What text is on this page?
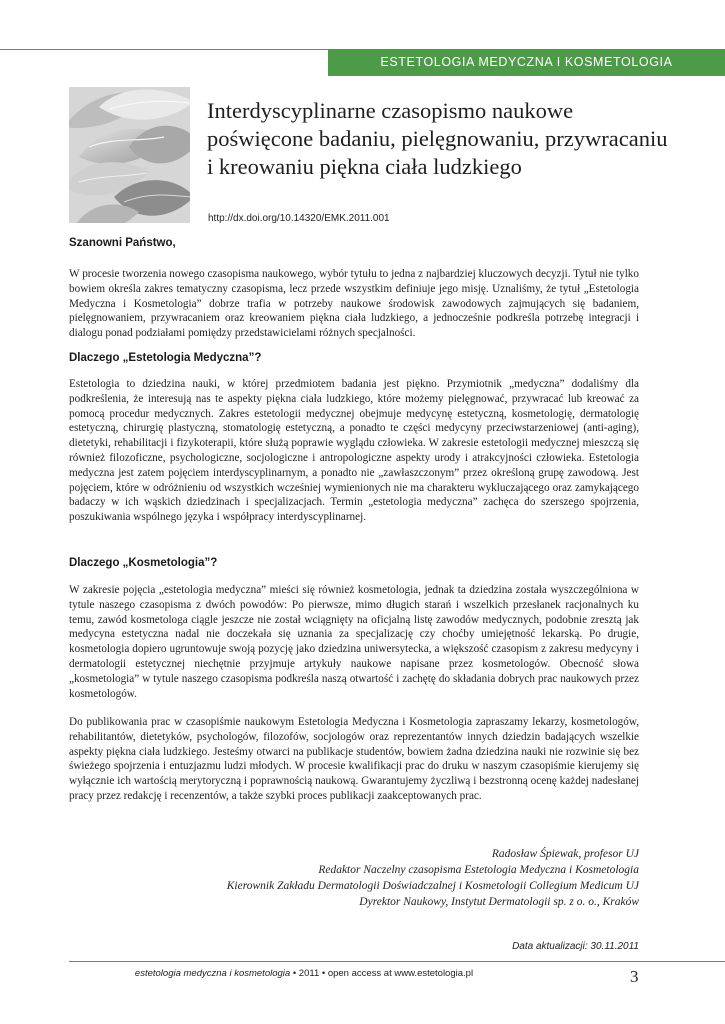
ESTETOLOGIA MEDYCZNA I KOSMETOLOGIA
Interdyscyplinarne czasopismo naukowe poświęcone badaniu, pielęgnowaniu, przywracaniu i kreowaniu piękna ciała ludzkiego
http://dx.doi.org/10.14320/EMK.2011.001
Szanowni Państwo,

W procesie tworzenia nowego czasopisma naukowego, wybór tytułu to jedna z najbardziej kluczowych decyzji. Tytuł nie tylko bowiem określa zakres tematyczny czasopisma, lecz przede wszystkim definiuje jego misję. Uznaliśmy, że tytuł „Estetologia Medyczna i Kosmetologia” dobrze trafia w potrzeby naukowe środowisk zawodowych zajmujących się badaniem, pielęgnowaniem, przywracaniem oraz kreowaniem piękna ciała ludzkiego, a jednocześnie podkreśla potrzebę integracji i dialogu ponad podziałami pomiędzy przedstawicielami różnych specjalności.

Dlaczego „Estetologia Medyczna”?

Estetologia to dziedzina nauki, w której przedmiotem badania jest piękno. Przymiotnik „medyczna” dodaliśmy dla podkreślenia, że interesują nas te aspekty piękna ciała ludzkiego, które możemy pielęgnować, przywracać lub kreować za pomocą procedur medycznych. Zakres estetologii medycznej obejmuje medycynę estetyczną, kosmetologię, dermatologię estetyczną, chirurgię plastyczną, stomatologię estetyczną, a ponadto te części medycyny przeciwstarzeniowej (anti-aging), dietetyki, rehabilitacji i fizykoterapii, które służą poprawie wyglądu człowieka. W zakresie estetologii medycznej mieszczą się również filozoficzne, psychologiczne, socjologiczne i antropologiczne aspekty urody i atrakcyjności człowieka. Estetologia medyczna jest zatem pojęciem interdyscyplinarnym, a ponadto nie „zawłaszczonym” przez określoną grupę zawodową. Jest pojęciem, które w odróżnieniu od wszystkich wcześniej wymienionych nie ma charakteru wykluczającego oraz zamykającego badaczy w ich wąskich dziedzinach i specjalizacjach. Termin „estetologia medyczna” zachęca do szerszego spojrzenia, poszukiwania wspólnego języka i współpracy interdyscyplinarnej.

Dlaczego „Kosmetologia”?

W zakresie pojęcia „estetologia medyczna” mieści się również kosmetologia, jednak ta dziedzina została wyszczególniona w tytule naszego czasopisma z dwóch powodów: Po pierwsze, mimo długich starań i wszelkich przesłanek racjonalnych ku temu, zawód kosmetologa ciągle jeszcze nie został wciągnięty na oficjalną listę zawodów medycznych, podobnie zresztą jak medycyna estetyczna nadal nie doczekała się uznania za specjalizację czy choćby umiejętność lekarską. Po drugie, kosmetologia dopiero ugruntowuje swoją pozycję jako dziedzina uniwersytecka, a większość czasopism z zakresu medycyny i dermatologii estetycznej niechętnie przyjmuje artykuły naukowe napisane przez kosmetologów. Obecność słowa „kosmetologia” w tytule naszego czasopisma podkreśla naszą otwartość i zachętę do składania dobrych prac naukowych przez kosmetologów.

Do publikowania prac w czasopiśmie naukowym Estetologia Medyczna i Kosmetologia zapraszamy lekarzy, kosmetologów, rehabilitantów, dietetyków, psychologów, filozofów, socjologów oraz reprezentantów innych dziedzin badających wszelkie aspekty piękna ciała ludzkiego. Jesteśmy otwarci na publikacje studentów, bowiem żadna dziedzina nauki nie rozwinie się bez świeżego spojrzenia i entuzjazmu ludzi młodych. W procesie kwalifikacji prac do druku w naszym czasopiśmie kierujemy się wyłącznie ich wartością merytoryczną i poprawnością naukową. Gwarantujemy życzliwą i bezstronną ocenę każdej nadesłanej pracy przez redakcję i recenzentów, a także szybki proces publikacji zaakceptowanych prac.

Radosław Śpiewak, profesor UJ
Redaktor Naczelny czasopisma Estetologia Medyczna i Kosmetologia
Kierownik Zakładu Dermatologii Doświadczalnej i Kosmetologii Collegium Medicum UJ
Dyrektor Naukowy, Instytut Dermatologii sp. z o. o., Kraków
Data aktualizacji: 30.11.2011
estetologia medyczna i kosmetologia • 2011 • open access at www.estetologia.pl	3
